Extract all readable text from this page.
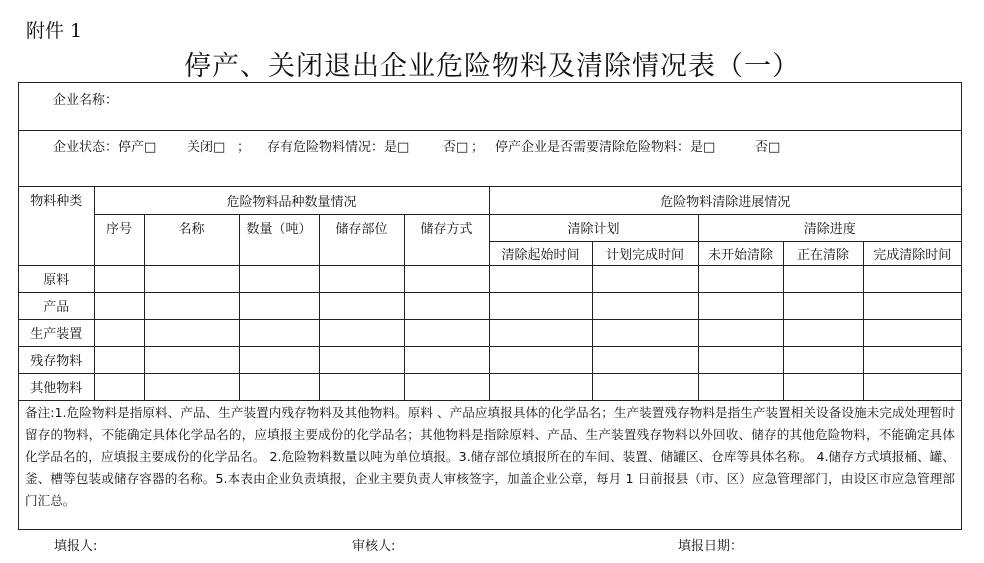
附件 1
停产、关闭退出企业危险物料及清除情况表（一）
企业名称：
企业状态：停产□ 关闭□ ； 存有危险物料情况：是□	否□ ； 停产企业是否需要清除危险物料：是□	否□
物料种类	危险物料品种数量情况					危险物料清除进展情况				
	序号	名称	数量（吨）	储存部位	储存方式	清除计划		清除进度		
						清除起始时间	计划完成时间	未开始清除	正在清除	完成清除时间
原料										
产品										
生产装置										
残存物料										
其他物料										
备注:1.危险物料是指原料、产品、生产装置内残存物料及其他物料。原料 、产品应填报具体的化学品名；生产装置残存物料是指生产装置相关设备设施未完成处理暂时留存的物料，不能确定具体化学品名的，应填报主要成份的化学品名；其他物料是指除原料、产品、生产装置残存物料以外回收、储存的其他危险物料，不能确定具体化学品名的，应填报主要成份的化学品名。 2.危险物料数量以吨为单位填报。3.储存部位填报所在的车间、装置、储罐区、仓库等具体名称。 4.储存方式填报桶、罐、釜、槽等包装或储存容器的名称。5.本表由企业负责填报，企业主要负责人审核签字，加盖企业公章，每月 1 日前报县（市、区）应急管理部门，由设区市应急管理部门汇总。
填报人:	审核人:	填报日期：
